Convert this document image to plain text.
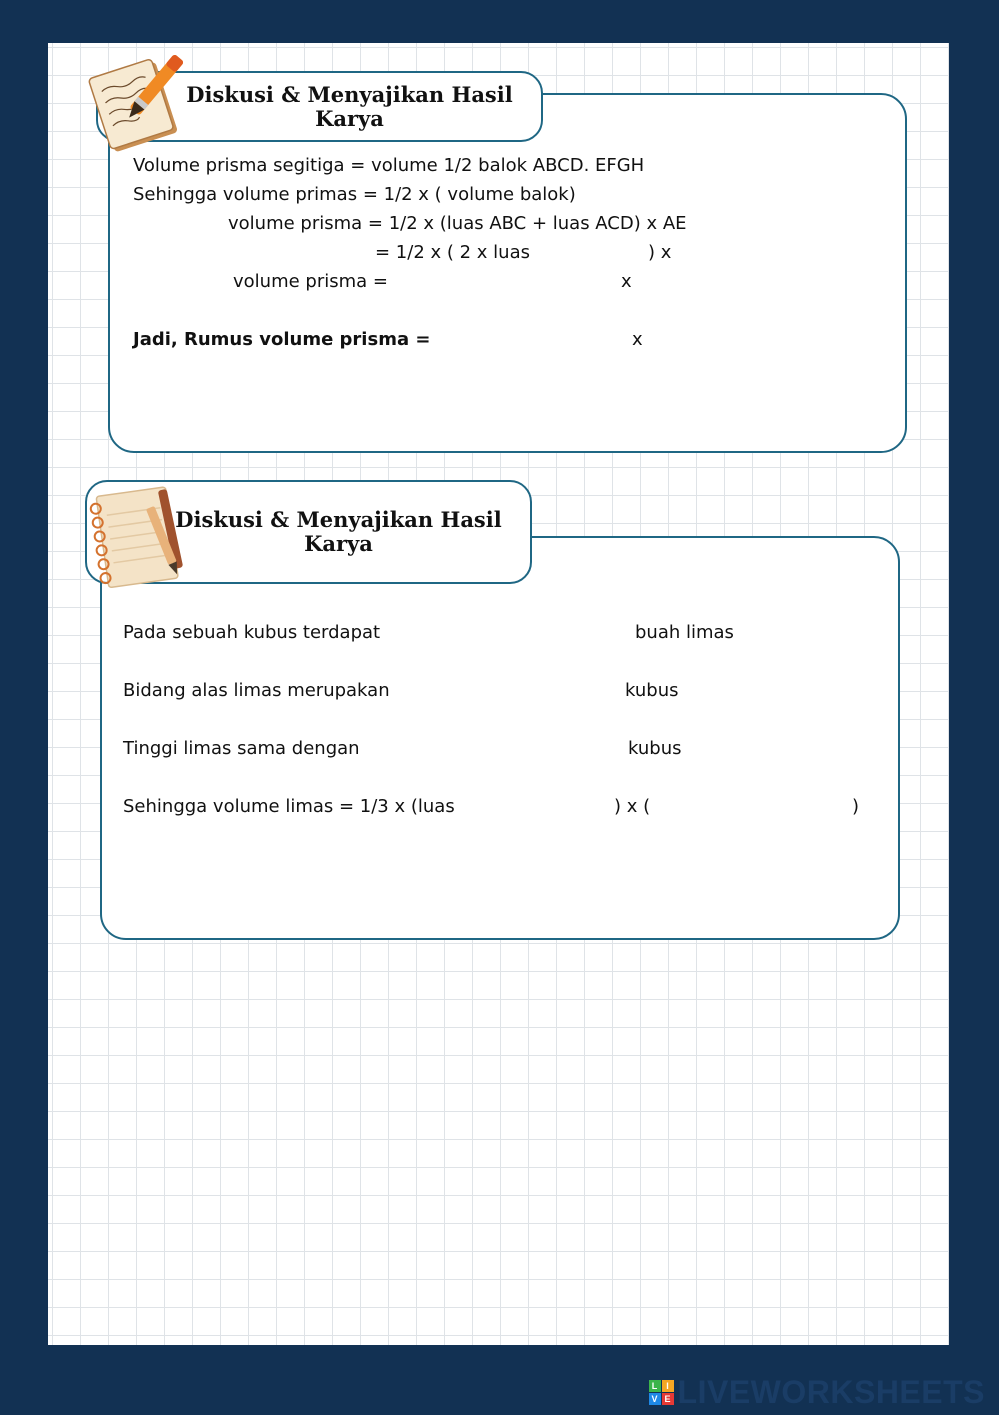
Diskusi & Menyajikan Hasil
Karya
Volume prisma segitiga = volume 1/2 balok ABCD. EFGH
Sehingga volume primas = 1/2 x ( volume balok)
volume prisma = 1/2 x (luas ABC + luas ACD) x AE
= 1/2 x ( 2 x luas	) x
volume prisma =	x
Jadi, Rumus volume prisma =	x
Diskusi & Menyajikan Hasil
Karya
Pada sebuah kubus terdapat	buah limas
Bidang alas limas merupakan	kubus
Tinggi limas sama dengan	kubus
Sehingga volume limas = 1/3 x (luas	) x (	)
L I
V E LIVEWORKSHEETS
